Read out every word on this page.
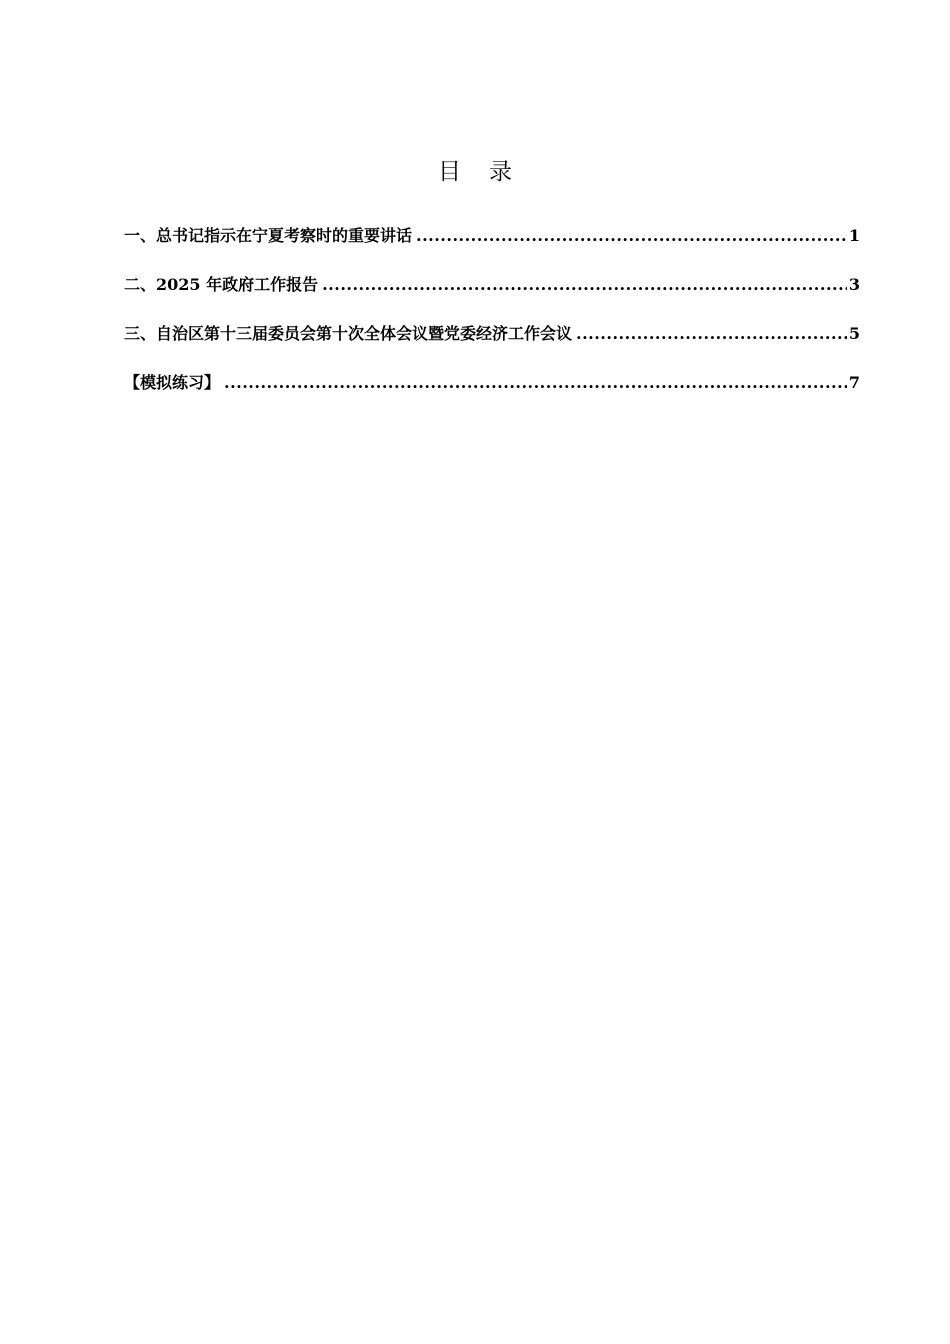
目 录
一、总书记指示在宁夏考察时的重要讲话 .....	1
二、2025 年政府工作报告 .....	3
三、自治区第十三届委员会第十次全体会议暨党委经济工作会议 .....	5
【模拟练习】 .....	7
